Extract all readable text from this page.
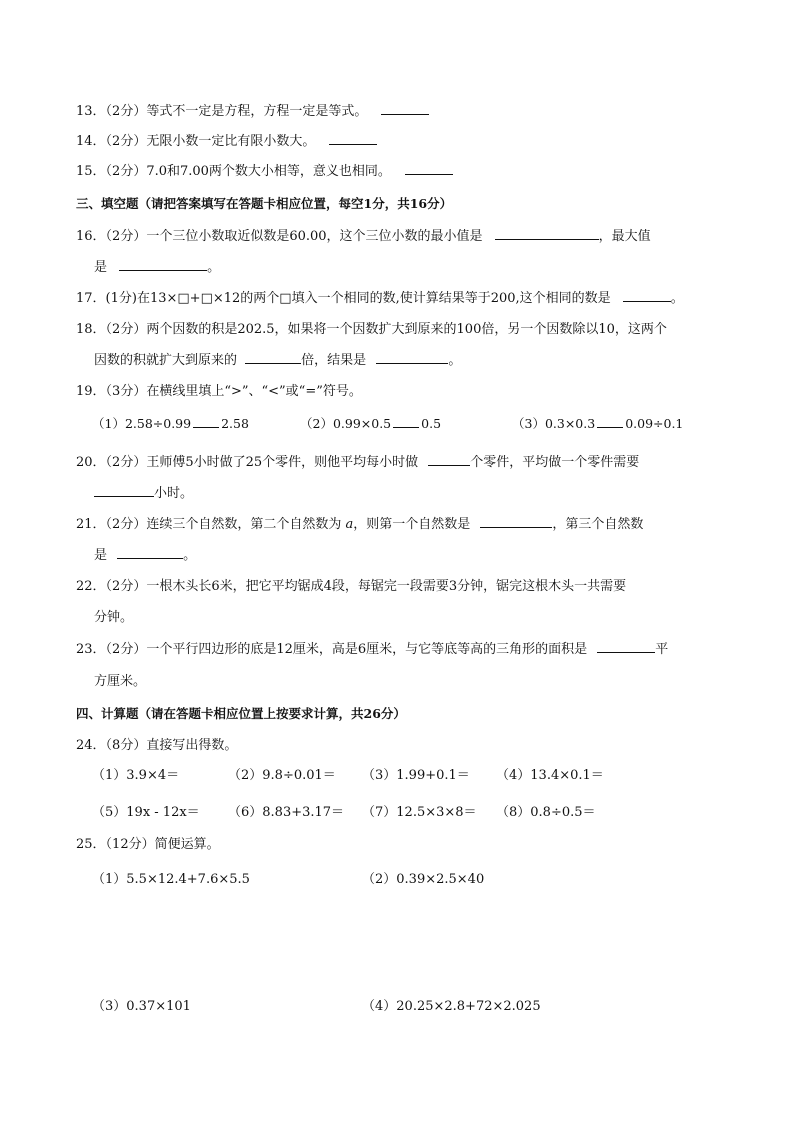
13．（2分）等式不一定是方程，方程一定是等式。
14．（2分）无限小数一定比有限小数大。
15．（2分）7.0和7.00两个数大小相等，意义也相同。
三、填空题（请把答案填写在答题卡相应位置，每空1分，共16分）
16．（2分）一个三位小数取近似数是60.00，这个三位小数的最小值是	，最大值
是	。
17．(1分)在13×□+□×12的两个□填入一个相同的数,使计算结果等于200,这个相同的数是	。
18．（2分）两个因数的积是202.5，如果将一个因数扩大到原来的100倍，另一个因数除以10，这两个
因数的积就扩大到原来的	倍，结果是	。
19．（3分）在横线里填上“>”、“<”或“=”符号。
（1）2.58÷0.99 2.58	（2）0.99×0.5 0.5	（3）0.3×0.3 0.09÷0.1
20．（2分）王师傅5小时做了25个零件，则他平均每小时做	个零件，平均做一个零件需要
小时。
21．（2分）连续三个自然数，第二个自然数为 a，则第一个自然数是	，第三个自然数
是	。
22．（2分）一根木头长6米，把它平均锯成4段，每锯完一段需要3分钟，锯完这根木头一共需要
分钟。
23．（2分）一个平行四边形的底是12厘米，高是6厘米，与它等底等高的三角形的面积是	平
方厘米。
四、计算题（请在答题卡相应位置上按要求计算，共26分）
24．（8分）直接写出得数。
（1）3.9×4＝	（2）9.8÷0.01＝ （3）1.99+0.1＝ （4）13.4×0.1＝
（5）19x - 12x＝ （6）8.83+3.17＝ （7）12.5×3×8＝ （8）0.8÷0.5＝
25．（12分）简便运算。
（1）5.5×12.4+7.6×5.5	（2）0.39×2.5×40
（3）0.37×101	（4）20.25×2.8+72×2.025
